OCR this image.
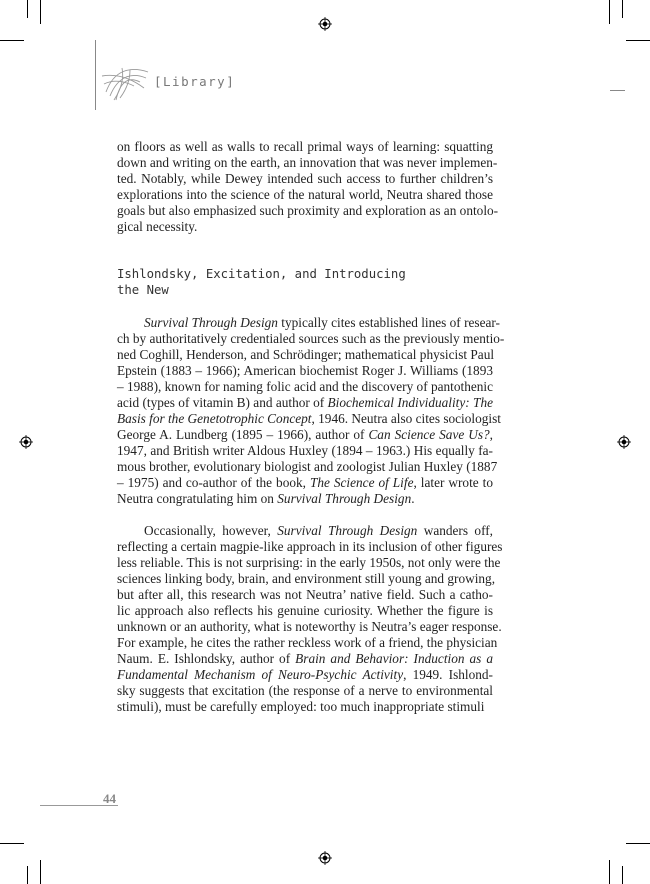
[Library]

on floors as well as walls to recall primal ways of learning: squatting
down and writing on the earth, an innovation that was never implemen-
ted. Notably, while Dewey intended such access to further children’s
explorations into the science of the natural world, Neutra shared those
goals but also emphasized such proximity and exploration as an ontolo-
gical necessity.

Ishlondsky, Excitation, and Introducing
the New

Survival Through Design typically cites established lines of resear-
ch by authoritatively credentialed sources such as the previously mentio-
ned Coghill, Henderson, and Schrödinger; mathematical physicist Paul
Epstein (1883 – 1966); American biochemist Roger J. Williams (1893
– 1988), known for naming folic acid and the discovery of pantothenic
acid (types of vitamin B) and author of Biochemical Individuality: The
Basis for the Genetotrophic Concept, 1946. Neutra also cites sociologist
George A. Lundberg (1895 – 1966), author of Can Science Save Us?,
1947, and British writer Aldous Huxley (1894 – 1963.) His equally fa-
mous brother, evolutionary biologist and zoologist Julian Huxley (1887
– 1975) and co-author of the book, The Science of Life, later wrote to
Neutra congratulating him on Survival Through Design.

Occasionally, however, Survival Through Design wanders off,
reflecting a certain magpie-like approach in its inclusion of other figures
less reliable. This is not surprising: in the early 1950s, not only were the
sciences linking body, brain, and environment still young and growing,
but after all, this research was not Neutra’ native field. Such a catho-
lic approach also reflects his genuine curiosity. Whether the figure is
unknown or an authority, what is noteworthy is Neutra’s eager response.
For example, he cites the rather reckless work of a friend, the physician
Naum. E. Ishlondsky, author of Brain and Behavior: Induction as a
Fundamental Mechanism of Neuro-Psychic Activity, 1949. Ishlond-
sky suggests that excitation (the response of a nerve to environmental
stimuli), must be carefully employed: too much inappropriate stimuli

44
